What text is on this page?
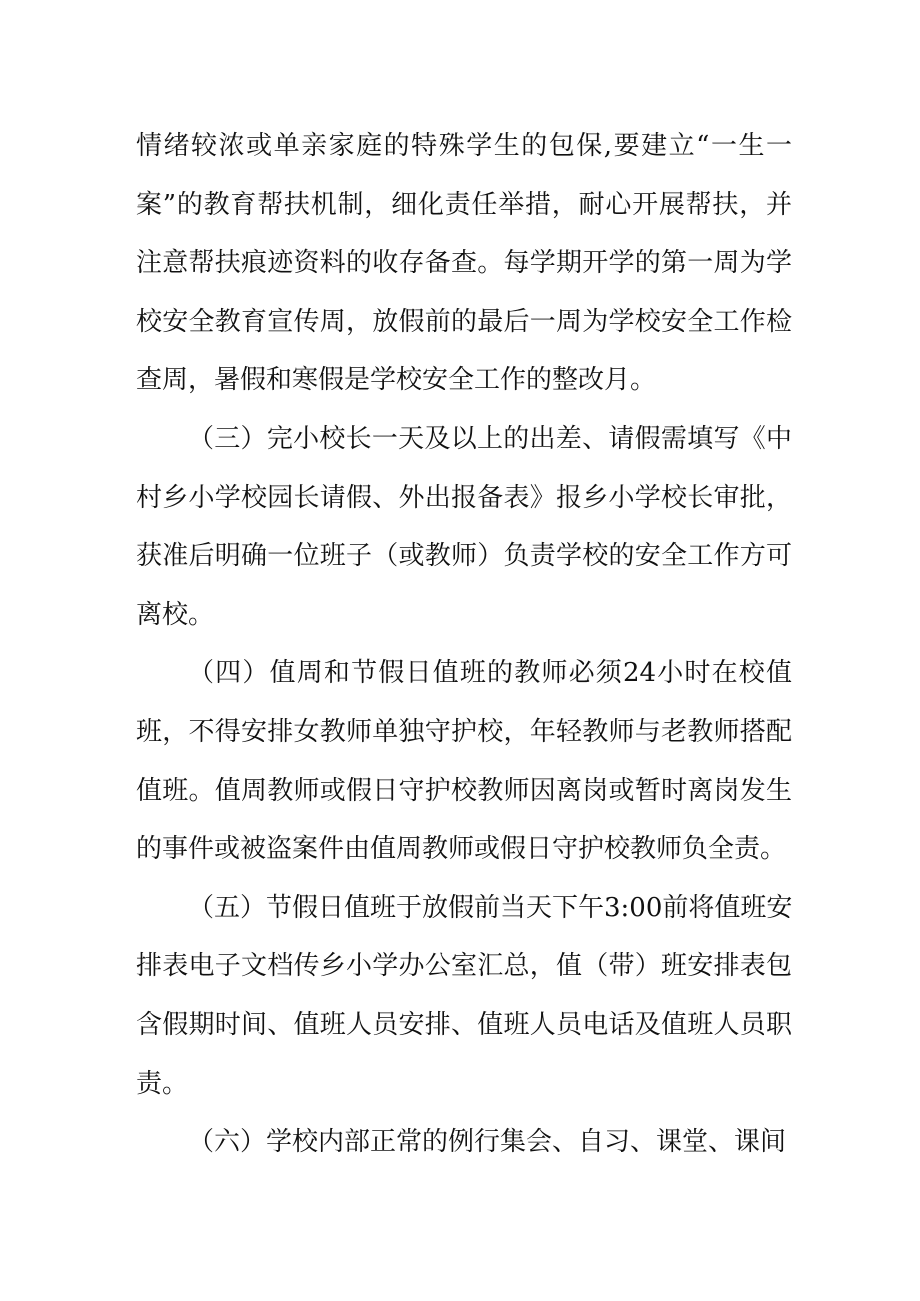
情绪较浓或单亲家庭的特殊学生的包保,要建立“一生一
案”的教育帮扶机制，细化责任举措，耐心开展帮扶，并
注意帮扶痕迹资料的收存备查。每学期开学的第一周为学
校安全教育宣传周，放假前的最后一周为学校安全工作检
查周，暑假和寒假是学校安全工作的整改月。
（三）完小校长一天及以上的出差、请假需填写《中
村乡小学校园长请假、外出报备表》报乡小学校长审批，
获准后明确一位班子（或教师）负责学校的安全工作方可
离校。
（四）值周和节假日值班的教师必须24小时在校值
班，不得安排女教师单独守护校，年轻教师与老教师搭配
值班。值周教师或假日守护校教师因离岗或暂时离岗发生
的事件或被盗案件由值周教师或假日守护校教师负全责。
（五）节假日值班于放假前当天下午3:00前将值班安
排表电子文档传乡小学办公室汇总，值（带）班安排表包
含假期时间、值班人员安排、值班人员电话及值班人员职
责。
（六）学校内部正常的例行集会、自习、课堂、课间
